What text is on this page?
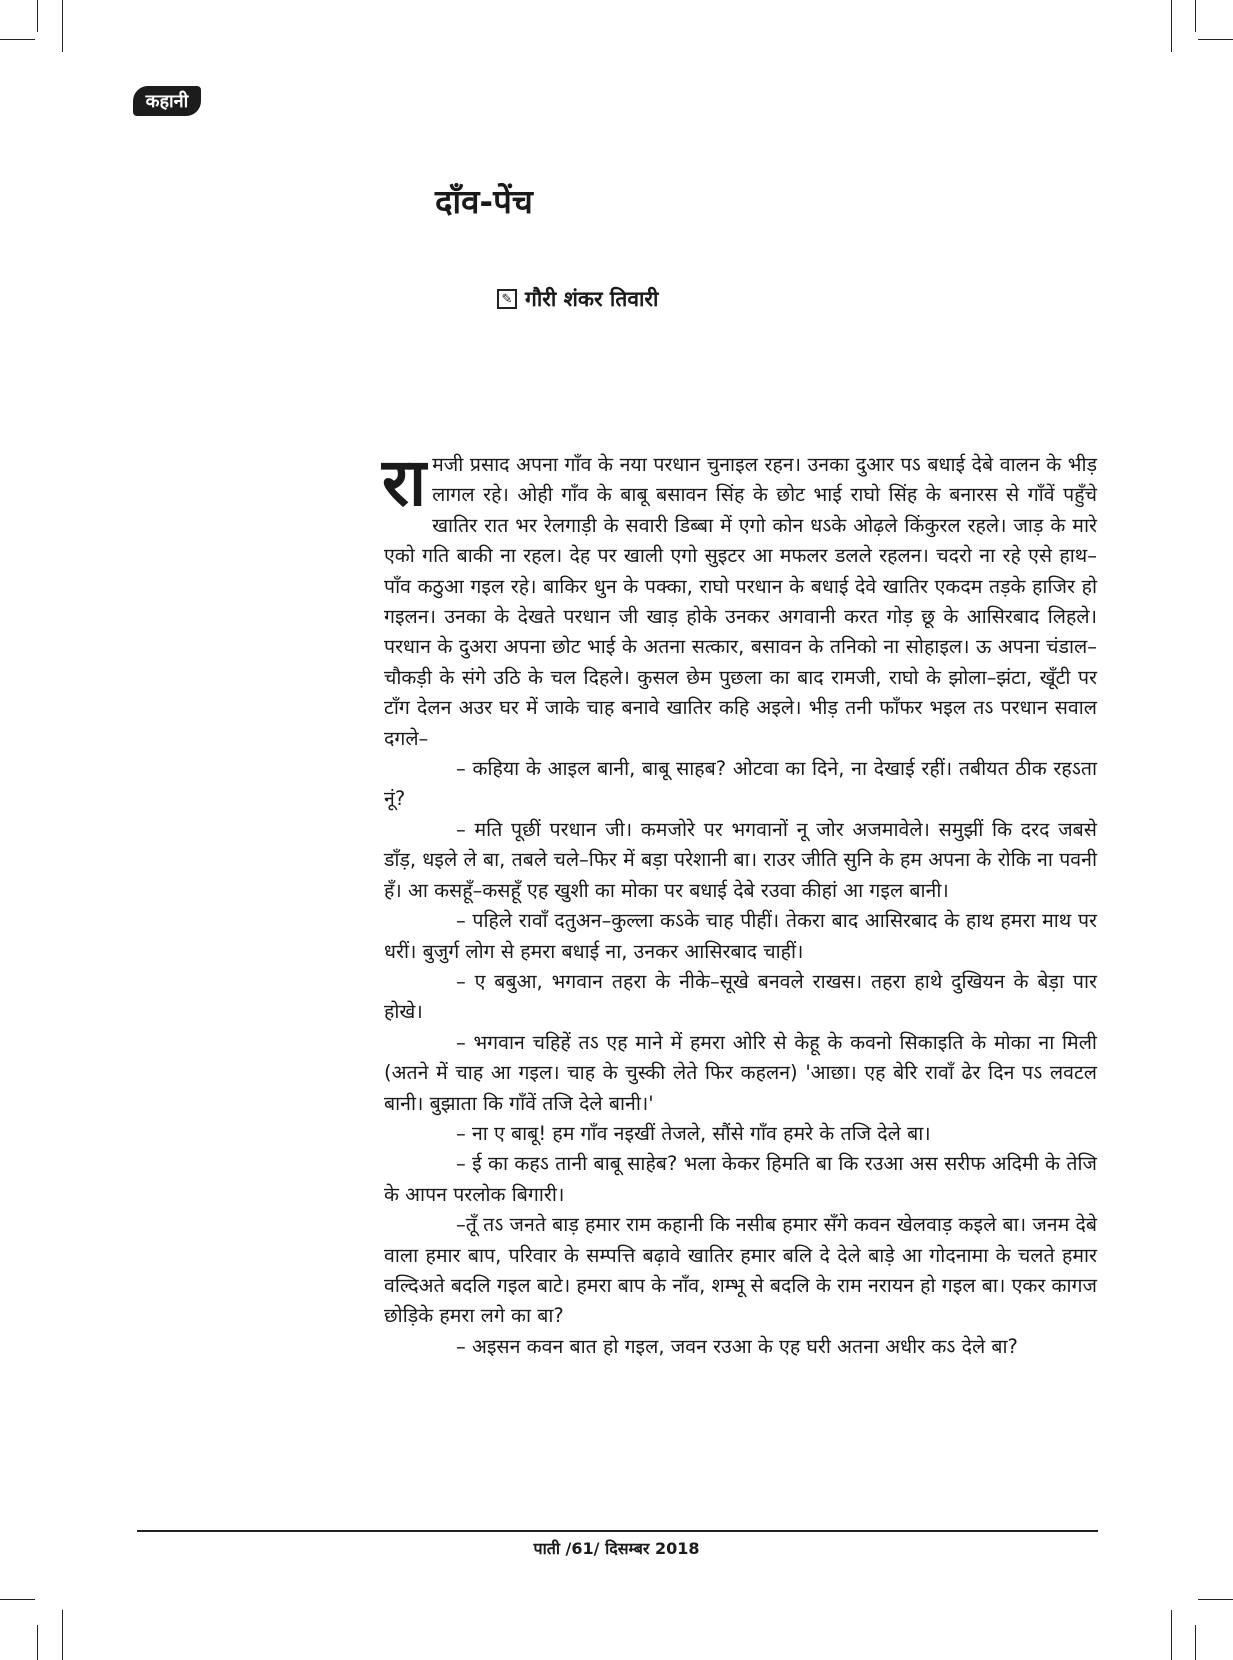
कहानी
दाँव-पेंच
✎ गौरी शंकर तिवारी

रामजी प्रसाद अपना गाँव के नया परधान चुनाइल रहन। उनका दुआर पऽ बधाई देबे वालन के भीड़ लागल रहे। ओही गाँव के बाबू बसावन सिंह के छोट भाई राघो सिंह के बनारस से गाँवें पहुँचे खातिर रात भर रेलगाड़ी के सवारी डिब्बा में एगो कोन धऽके ओढ़ले किंकुरल रहले। जाड़ के मारे एको गति बाकी ना रहल। देह पर खाली एगो सुइटर आ मफलर डलले रहलन। चदरो ना रहे एसे हाथ–पाँव कठुआ गइल रहे। बाकिर धुन के पक्का, राघो परधान के बधाई देवे खातिर एकदम तड़के हाजिर हो गइलन। उनका के देखते परधान जी खाड़ होके उनकर अगवानी करत गोड़ छू के आसिरबाद लिहले। परधान के दुअरा अपना छोट भाई के अतना सत्कार, बसावन के तनिको ना सोहाइल। ऊ अपना चंडाल–चौकड़ी के संगे उठि के चल दिहले। कुसल छेम पुछला का बाद रामजी, राघो के झोला–झंटा, खूँटी पर टाँग देलन अउर घर में जाके चाह बनावे खातिर कहि अइले। भीड़ तनी फाँफर भइल तऽ परधान सवाल दगले–

– कहिया के आइल बानी, बाबू साहब? ओटवा का दिने, ना देखाई रहीं। तबीयत ठीक रहऽता नूं?

– मति पूछीं परधान जी। कमजोरे पर भगवानों नू जोर अजमावेले। समुझीं कि दरद जबसे डाँड़, धइले ले बा, तबले चले–फिर में बड़ा परेशानी बा। राउर जीति सुनि के हम अपना के रोकि ना पवनी हँ। आ कसहूँ–कसहूँ एह खुशी का मोका पर बधाई देबे रउवा कीहां आ गइल बानी।

– पहिले रावाँ दतुअन–कुल्ला कऽके चाह पीहीं। तेकरा बाद आसिरबाद के हाथ हमरा माथ पर धरीं। बुजुर्ग लोग से हमरा बधाई ना, उनकर आसिरबाद चाहीं।

– ए बबुआ, भगवान तहरा के नीके–सूखे बनवले राखस। तहरा हाथे दुखियन के बेड़ा पार होखे।

– भगवान चहिहें तऽ एह माने में हमरा ओरि से केहू के कवनो सिकाइति के मोका ना मिली (अतने में चाह आ गइल। चाह के चुस्की लेते फिर कहलन) 'आछा। एह बेरि रावाँ ढेर दिन पऽ लवटल बानी। बुझाता कि गाँवें तजि देले बानी।'

– ना ए बाबू! हम गाँव नइखीं तेजले, सौंसे गाँव हमरे के तजि देले बा।

– ई का कहऽ तानी बाबू साहेब? भला केकर हिमति बा कि रउआ अस सरीफ अदिमी के तेजि के आपन परलोक बिगारी।

–तूँ तऽ जनते बाड़ हमार राम कहानी कि नसीब हमार सँगे कवन खेलवाड़ कइले बा। जनम देबे वाला हमार बाप, परिवार के सम्पत्ति बढ़ावे खातिर हमार बलि दे देले बाड़े आ गोदनामा के चलते हमार वल्दिअते बदलि गइल बाटे। हमरा बाप के नाँव, शम्भू से बदलि के राम नरायन हो गइल बा। एकर कागज छोड़िके हमरा लगे का बा?

– अइसन कवन बात हो गइल, जवन रउआ के एह घरी अतना अधीर कऽ देले बा?

पाती /61/ दिसम्बर 2018
